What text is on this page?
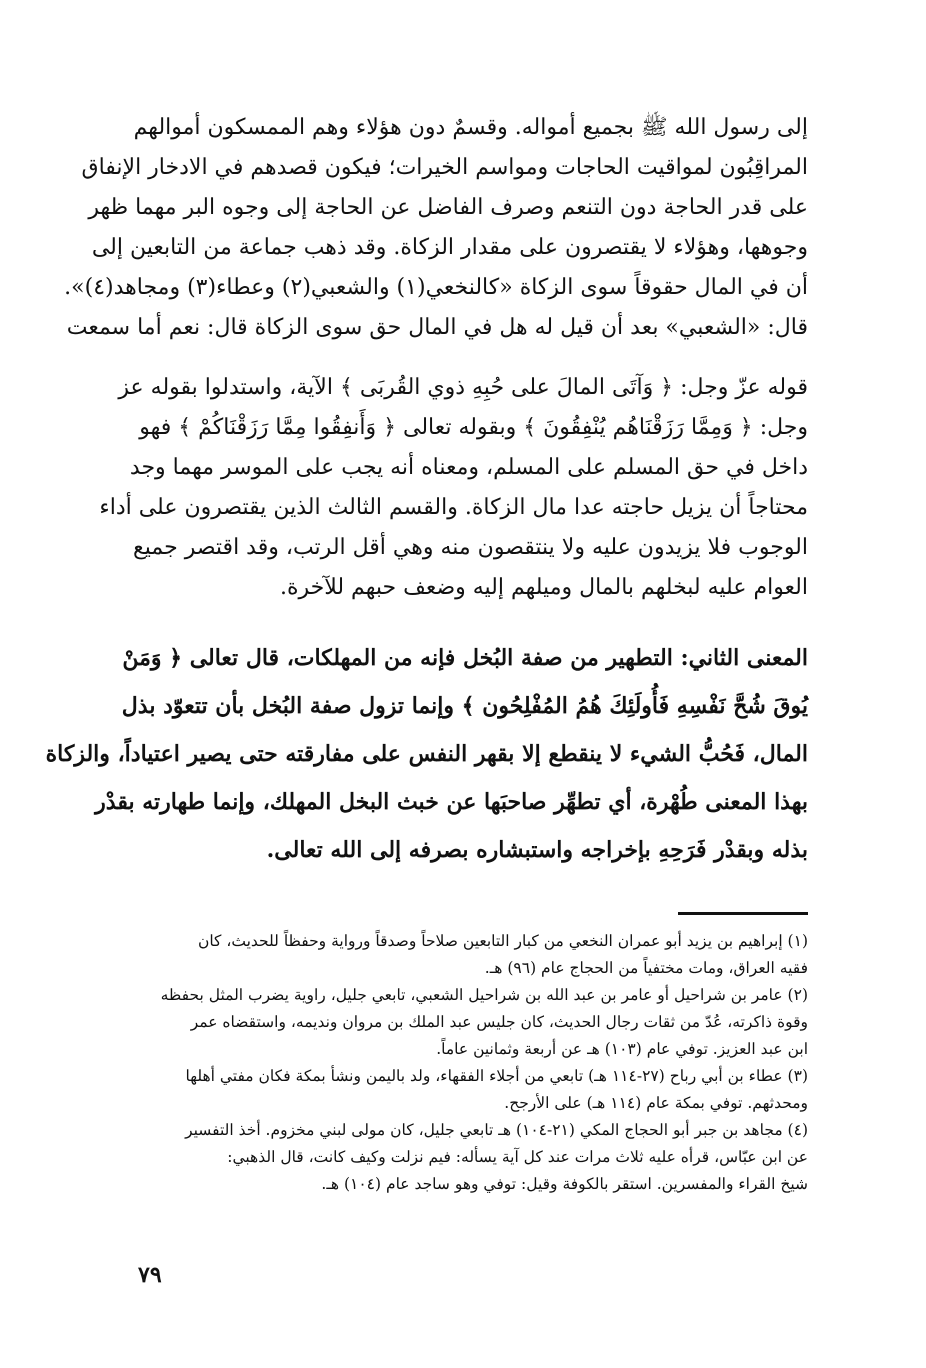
إلى رسول الله ﷺ بجميع أمواله. وقسمٌ دون هؤلاء وهم الممسكون أموالهم
المراقِبُون لمواقيت الحاجات ومواسم الخيرات؛ فيكون قصدهم في الادخار الإنفاق
على قدر الحاجة دون التنعم وصرف الفاضل عن الحاجة إلى وجوه البر مهما ظهر
وجوهها، وهؤلاء لا يقتصرون على مقدار الزكاة. وقد ذهب جماعة من التابعين إلى
أن في المال حقوقاً سوى الزكاة «كالنخعي(١) والشعبي(٢) وعطاء(٣) ومجاهد(٤)».
قال: «الشعبي» بعد أن قيل له هل في المال حق سوى الزكاة قال: نعم أما سمعت
قوله عزّ وجل: ﴿ وَآتَى المالَ على حُبِهِ ذوي القُربَى ﴾ الآية، واستدلوا بقوله عز
وجل: ﴿ وَمِمَّا رَزَقْنَاهُم يُنْفِقُونَ ﴾ وبقوله تعالى ﴿ وَأَنفِقُوا مِمَّا رَزَقْنَاكُمْ ﴾ فهو
داخل في حق المسلم على المسلم، ومعناه أنه يجب على الموسر مهما وجد
محتاجاً أن يزيل حاجته عدا مال الزكاة. والقسم الثالث الذين يقتصرون على أداء
الوجوب فلا يزيدون عليه ولا ينتقصون منه وهي أقل الرتب، وقد اقتصر جميع
العوام عليه لبخلهم بالمال وميلهم إليه وضعف حبهم للآخرة.
المعنى الثاني: التطهير من صفة البُخل فإنه من المهلكات، قال تعالى ﴿ وَمَنْ
يُوقَ شُحَّ نَفْسِهِ فَأُولَئِكَ هُمُ المُفْلِحُون ﴾ وإنما تزول صفة البُخل بأن تتعوّد بذل
المال، فَحُبُّ الشيء لا ينقطع إلا بقهر النفس على مفارقته حتى يصير اعتياداً، والزكاة
بهذا المعنى طُهْرة، أي تطهِّر صاحبَها عن خبث البخل المهلك، وإنما طهارته بقدْر
بذله وبقدْر فَرَحِهِ بإخراجه واستبشاره بصرفه إلى الله تعالى.
(١) إبراهيم بن يزيد أبو عمران النخعي من كبار التابعين صلاحاً وصدقاً ورواية وحفظاً للحديث، كان
فقيه العراق، ومات مختفياً من الحجاج عام (٩٦) هـ.
(٢) عامر بن شراحيل أو عامر بن عبد الله بن شراحيل الشعبي، تابعي جليل، راوية يضرب المثل بحفظه
وقوة ذاكرته، عُدّ من ثقات رجال الحديث، كان جليس عبد الملك بن مروان ونديمه، واستقضاه عمر
ابن عبد العزيز. توفي عام (١٠٣) هـ عن أربعة وثمانين عاماً.
(٣) عطاء بن أبي رباح (٢٧-١١٤ هـ) تابعي من أجلاء الفقهاء، ولد باليمن ونشأ بمكة فكان مفتي أهلها
ومحدثهم. توفي بمكة عام (١١٤ هـ) على الأرجح.
(٤) مجاهد بن جبر أبو الحجاج المكي (٢١-١٠٤) هـ تابعي جليل، كان مولى لبني مخزوم. أخذ التفسير
عن ابن عبّاس، قرأه عليه ثلاث مرات عند كل آية يسأله: فيم نزلت وكيف كانت، قال الذهبي:
شيخ القراء والمفسرين. استقر بالكوفة وقيل: توفي وهو ساجد عام (١٠٤) هـ.
٧٩
